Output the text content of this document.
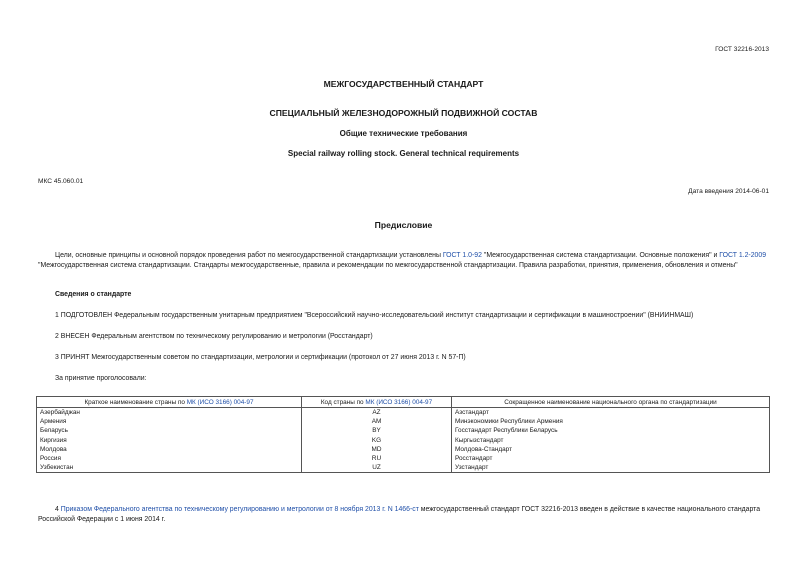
ГОСТ 32216-2013
МЕЖГОСУДАРСТВЕННЫЙ СТАНДАРТ
СПЕЦИАЛЬНЫЙ ЖЕЛЕЗНОДОРОЖНЫЙ ПОДВИЖНОЙ СОСТАВ
Общие технические требования
Special railway rolling stock. General technical requirements
МКС 45.060.01
Дата введения 2014-06-01
Предисловие
Цели, основные принципы и основной порядок проведения работ по межгосударственной стандартизации установлены ГОСТ 1.0-92 "Межгосударственная система стандартизации. Основные положения" и ГОСТ 1.2-2009 "Межгосударственная система стандартизации. Стандарты межгосударственные, правила и рекомендации по межгосударственной стандартизации. Правила разработки, принятия, применения, обновления и отмены"
Сведения о стандарте
1 ПОДГОТОВЛЕН Федеральным государственным унитарным предприятием "Всероссийский научно-исследовательский институт стандартизации и сертификации в машиностроении" (ВНИИНМАШ)
2 ВНЕСЕН Федеральным агентством по техническому регулированию и метрологии (Росстандарт)
3 ПРИНЯТ Межгосударственным советом по стандартизации, метрологии и сертификации (протокол от 27 июня 2013 г. N 57-П)
За принятие проголосовали:
Краткое наименование страны по МК (ИСО 3166) 004-97	Код страны по МК (ИСО 3166) 004-97	Сокращенное наименование национального органа по стандартизации
Азербайджан	AZ	Азстандарт
Армения	AM	Минэкономики Республики Армения
Беларусь	BY	Госстандарт Республики Беларусь
Киргизия	KG	Кыргызстандарт
Молдова	MD	Молдова-Стандарт
Россия	RU	Росстандарт
Узбекистан	UZ	Узстандарт
4 Приказом Федерального агентства по техническому регулированию и метрологии от 8 ноября 2013 г. N 1466-ст межгосударственный стандарт ГОСТ 32216-2013 введен в действие в качестве национального стандарта Российской Федерации с 1 июня 2014 г.
